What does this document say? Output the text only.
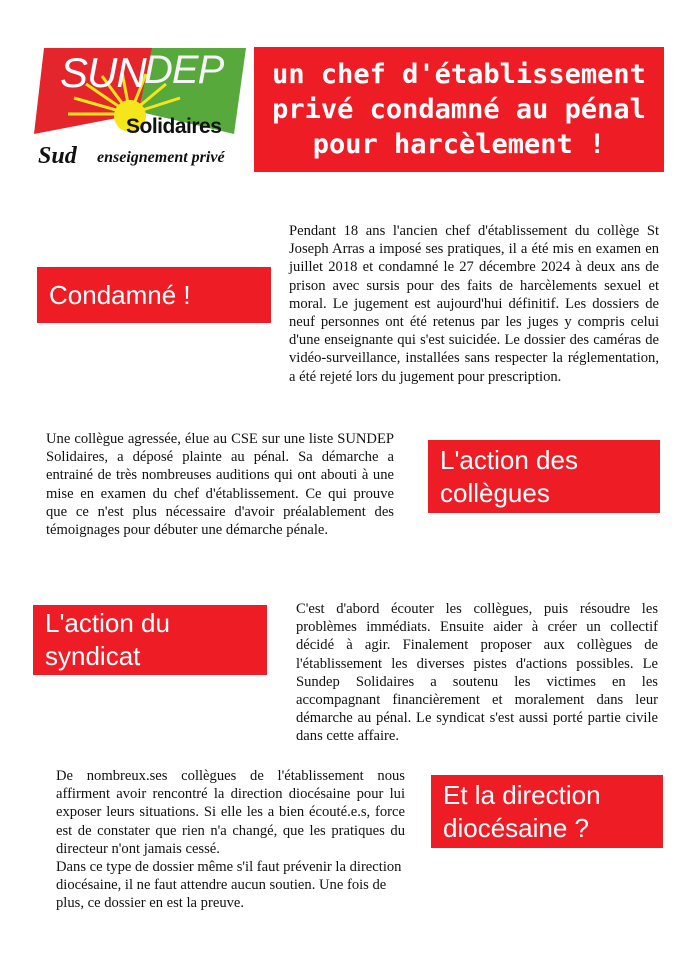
SUN
DEP
Solidaires
Sud enseignement privé
un chef d'établissement privé condamné au pénal pour harcèlement !
Condamné !

Pendant 18 ans l'ancien chef d'établissement du collège St Joseph Arras a imposé ses pratiques, il a été mis en examen en juillet 2018 et condamné le 27 décembre 2024 à deux ans de prison avec sursis pour des faits de harcèlements sexuel et moral. Le jugement est aujourd'hui définitif. Les dossiers de neuf personnes ont été retenus par les juges y compris celui d'une enseignante qui s'est suicidée. Le dossier des caméras de vidéo-surveillance, installées sans respecter la réglementation, a été rejeté lors du jugement pour prescription.

Une collègue agressée, élue au CSE sur une liste SUNDEP Solidaires, a déposé plainte au pénal. Sa démarche a entrainé de très nombreuses auditions qui ont abouti à une mise en examen du chef d'établissement. Ce qui prouve que ce n'est plus nécessaire d'avoir préalablement des témoignages pour débuter une démarche pénale.

L'action des collègues
L'action du syndicat

C'est d'abord écouter les collègues, puis résoudre les problèmes immédiats. Ensuite aider à créer un collectif décidé à agir. Finalement proposer aux collègues de l'établissement les diverses pistes d'actions possibles. Le Sundep Solidaires a soutenu les victimes en les accompagnant financièrement et moralement dans leur démarche au pénal. Le syndicat s'est aussi porté partie civile dans cette affaire.

De nombreux.ses collègues de l'établissement nous affirment avoir rencontré la direction diocésaine pour lui exposer leurs situations. Si elle les a bien écouté.e.s, force est de constater que rien n'a changé, que les pratiques du directeur n'ont jamais cessé.

Dans ce type de dossier même s'il faut prévenir la direction diocésaine, il ne faut attendre aucun soutien. Une fois de plus, ce dossier en est la preuve.

Et la direction diocésaine ?
